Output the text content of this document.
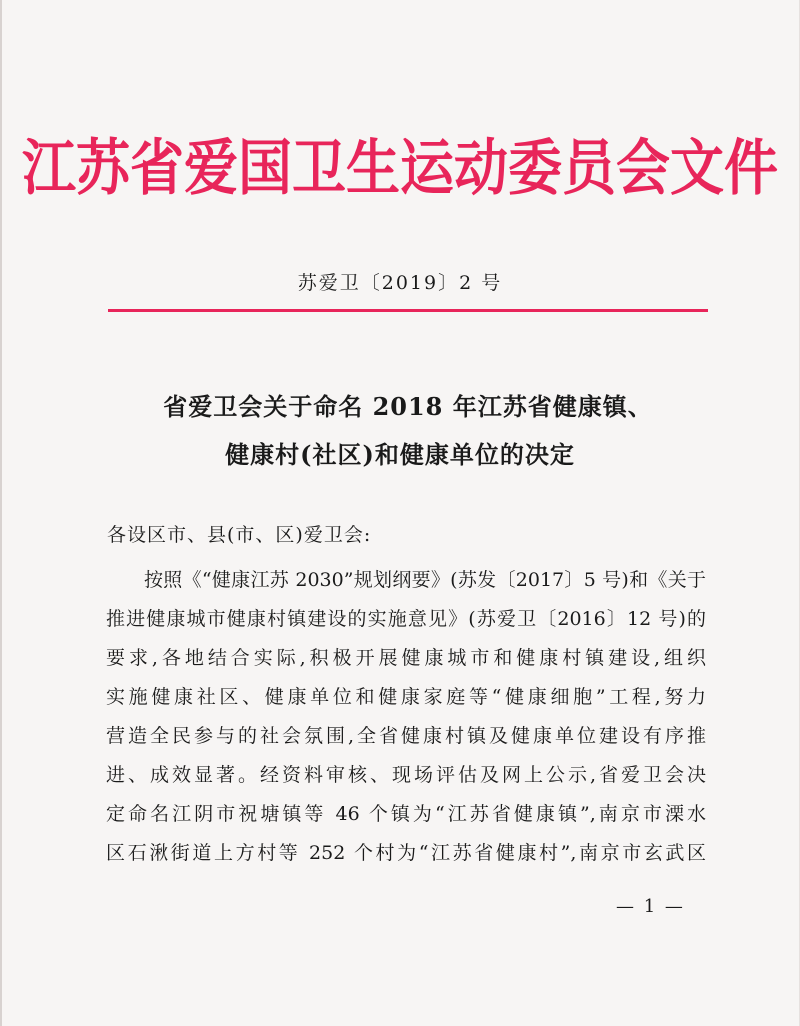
江苏省爱国卫生运动委员会文件
苏爱卫〔2019〕2 号
省爱卫会关于命名 2018 年江苏省健康镇、
健康村(社区)和健康单位的决定
各设区市、县(市、区)爱卫会:
按照《“健康江苏 2030”规划纲要》(苏发〔2017〕5 号)和《关于
推进健康城市健康村镇建设的实施意见》(苏爱卫〔2016〕12 号)的
要求,各地结合实际,积极开展健康城市和健康村镇建设,组织
实施健康社区、健康单位和健康家庭等“健康细胞”工程,努力
营造全民参与的社会氛围,全省健康村镇及健康单位建设有序推
进、成效显著。经资料审核、现场评估及网上公示,省爱卫会决
定命名江阴市祝塘镇等 46 个镇为“江苏省健康镇”,南京市溧水
区石湫街道上方村等 252 个村为“江苏省健康村”,南京市玄武区
— 1 —
